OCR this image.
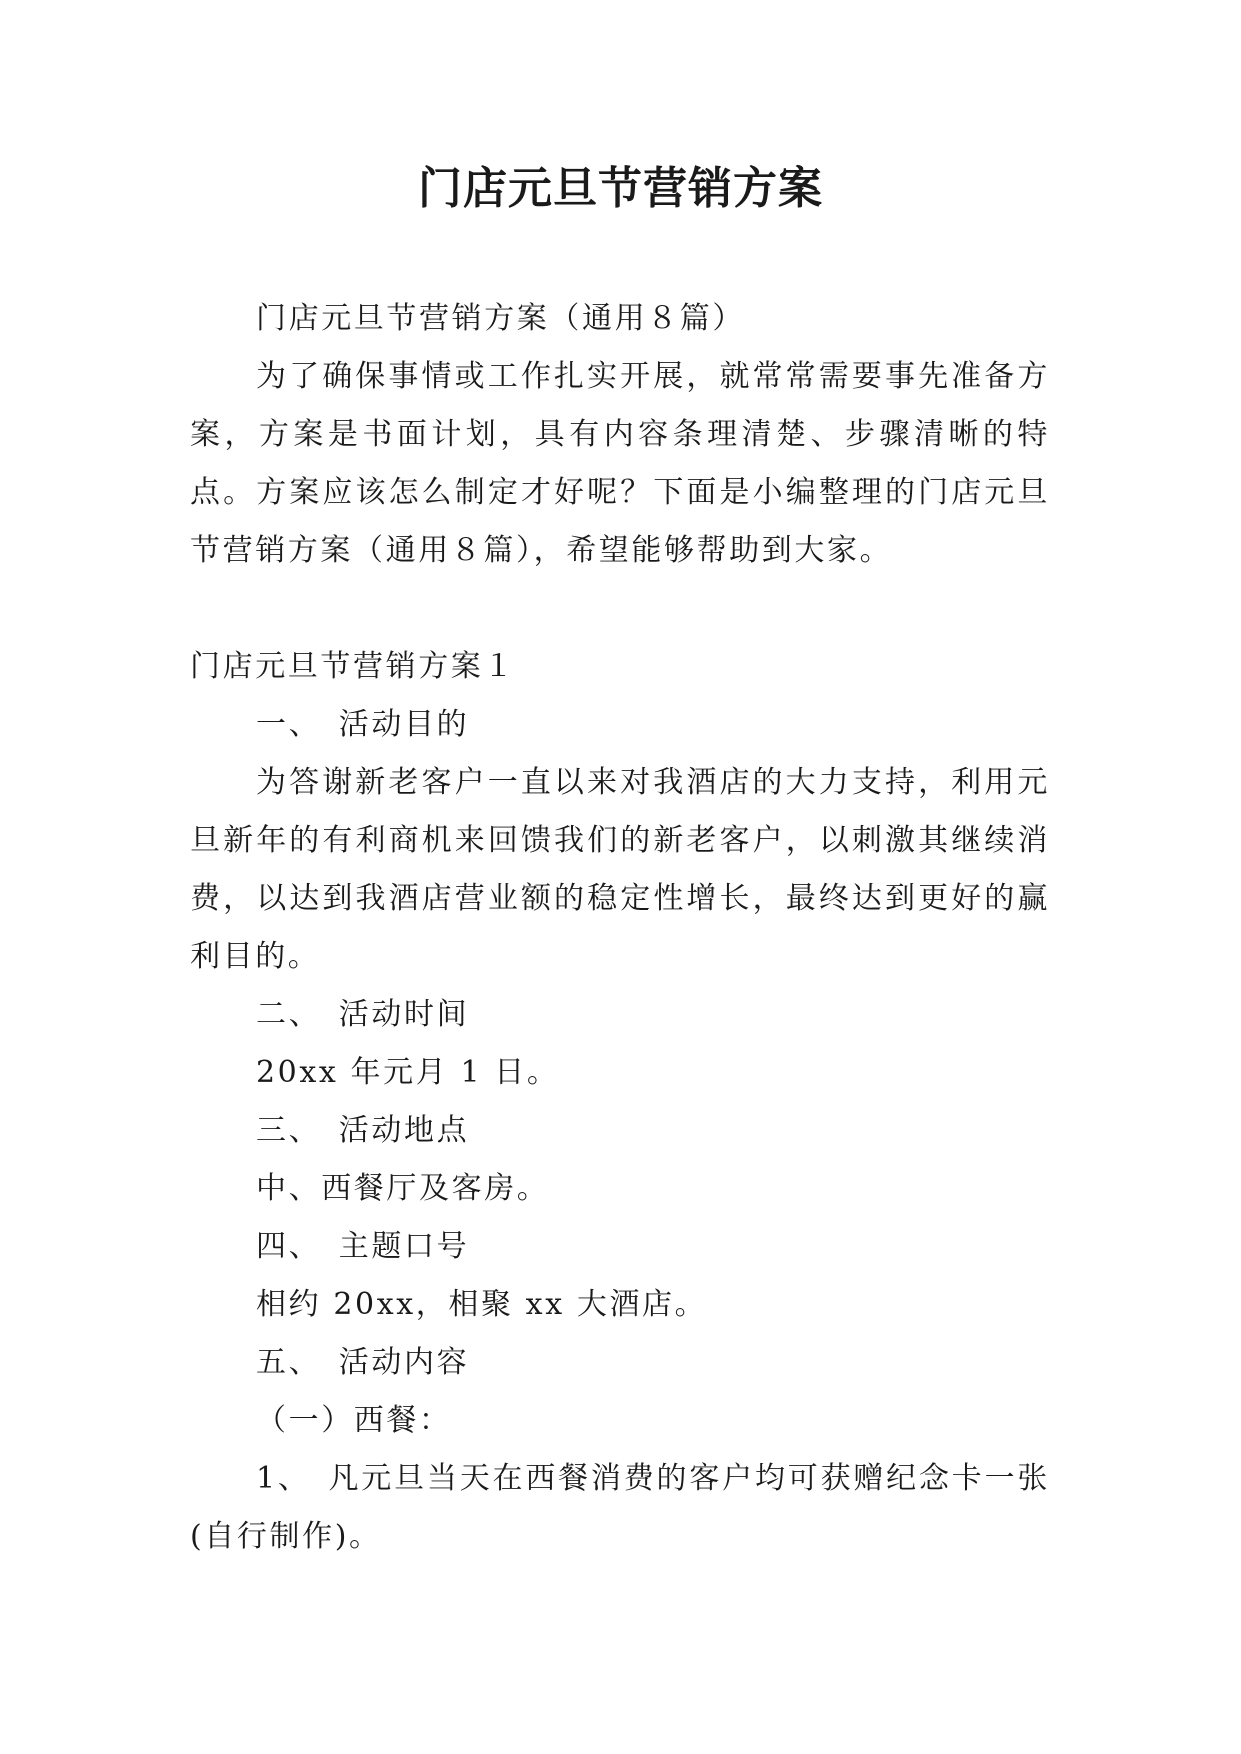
门店元旦节营销方案

门店元旦节营销方案（通用８篇）

为了确保事情或工作扎实开展，就常常需要事先准备方案，方案是书面计划，具有内容条理清楚、步骤清晰的特点。方案应该怎么制定才好呢？下面是小编整理的门店元旦节营销方案（通用８篇），希望能够帮助到大家。

门店元旦节营销方案１

一、　活动目的

为答谢新老客户一直以来对我酒店的大力支持，利用元旦新年的有利商机来回馈我们的新老客户，以刺激其继续消费，以达到我酒店营业额的稳定性增长，最终达到更好的赢利目的。

二、　活动时间

20xx 年元月 1 日。

三、　活动地点

中、西餐厅及客房。

四、　主题口号

相约 20xx，相聚 xx 大酒店。

五、　活动内容

（一）西餐：

1、　凡元旦当天在西餐消费的客户均可获赠纪念卡一张(自行制作)。
